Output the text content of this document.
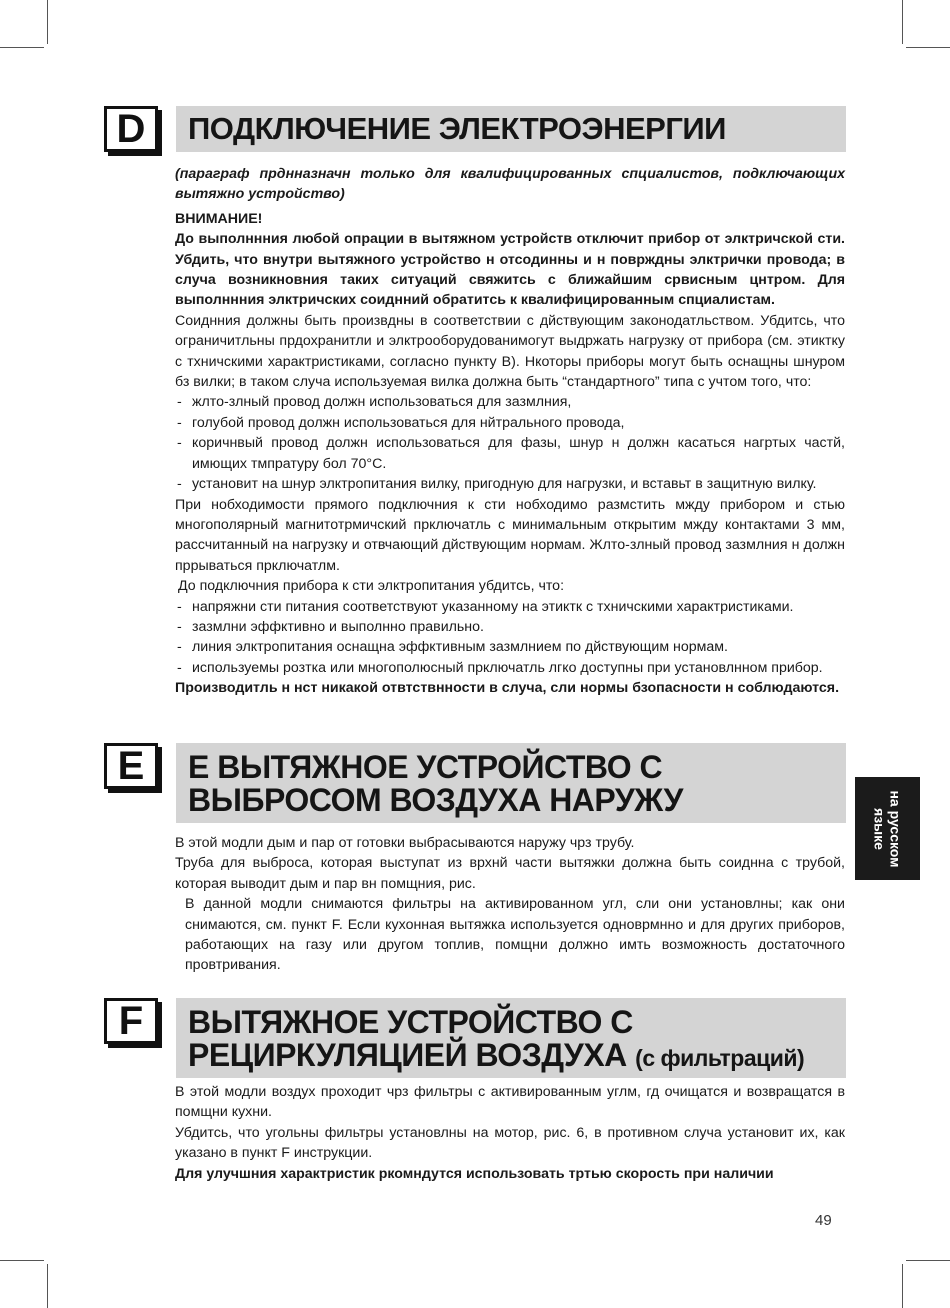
D	ПОДКЛЮЧЕНИЕ ЭЛЕКТРОЭНЕРГИИ

(параграф прднназначн только для квалифицированных спциалистов, подключающих вытяжно устройство)

ВНИМАНИЕ!

До выполннния любой опрации в вытяжном устройств отключит прибор от элктричской сти. Убдить, что внутри вытяжного устройство н отсодинны и н поврждны элктрички провода; в случа возникновния таких ситуаций свяжитсь с ближайшим срвисным цнтром. Для выполннния элктричских соиднний обратитсь к квалифицированным спциалистам.

Сoиднния должны быть произвдны в соответствии с дйствующим законодатльством. Убдитсь, что ограничитльны прдохранитли и элктрооборудованимогут выдржать нагрузку от прибора (см. этиктку с тхничскими характристиками, согласно пункту B). Нкоторы приборы могут быть оснащны шнуром бз вилки; в таком случа используемая вилка должна быть “стандартного” типа с учтом того, что:

- жлто-злный провод должн использоваться для зазмлния,

- голубой провод должн использоваться для нйтрального провода,

- коричнвый провод должн использоваться для фазы, шнур н должн касаться нагртых частй, имющих тмпратуру бол 70°С.

- установит на шнур элктропитания вилку, пригодную для нагрузки, и вставьт в защитную вилку.

При нобходимости прямого подключния к сти нобходимо размстить мжду прибором и стью многополярный магнитотрмичский прключатль с минимальным открытим мжду контактами 3 мм, рассчитанный на нагрузку и отвчающий дйствующим нормам. Жлто-злный провод зазмлния н должн пррываться прключатлм.

До подключния прибора к сти элктропитания убдитсь, что:

- напряжни сти питания соответствуют указанному на этиктк с тхничскими характристиками.

- зазмлни эффктивно и выполнно правильно.

- линия элктропитания оснащна эффктивным зазмлнием по дйствующим нормам.

- используемы розтка или многополюсный прключатль лгко доступны при установлнном прибор.

Производитль н нст никакой отвтствнности в случа, сли нормы бзопасности н соблюдаются.

E	Е ВЫТЯЖНОЕ УСТРОЙСТВО С
ВЫБРОСОМ ВОЗДУХА НАРУЖУ

В этой модли дым и пар от готовки выбрасываются наружу чрз трубу.

Труба для выброса, которая выступат из врхнй части вытяжки должна быть соиднна с трубой, которая выводит дым и пар вн помщния, рис.

В данной модли снимаются фильтры на активированном угл, сли они установлны; как они снимаются, см. пункт F. Если кухонная вытяжка используется одноврмнно и для других приборов, работающих на газу или другом топлив, помщни должно имть возможность достаточного провтривания.

F	ВЫТЯЖНОЕ УСТРОЙСТВО С
РЕЦИРКУЛЯЦИЕЙ ВОЗДУХА (с фильтраций)

В этой модли воздух проходит чрз фильтры с активированным углм, гд очищатся и возвращатся в помщни кухни.

Убдитсь, что угольны фильтры установлны на мотор, рис. 6, в противном случа установит их, как указано в пункт F инструкции.

Для улучшния характристик ркомндутся использовать тртью скорость при наличии

на русском
языке
49
